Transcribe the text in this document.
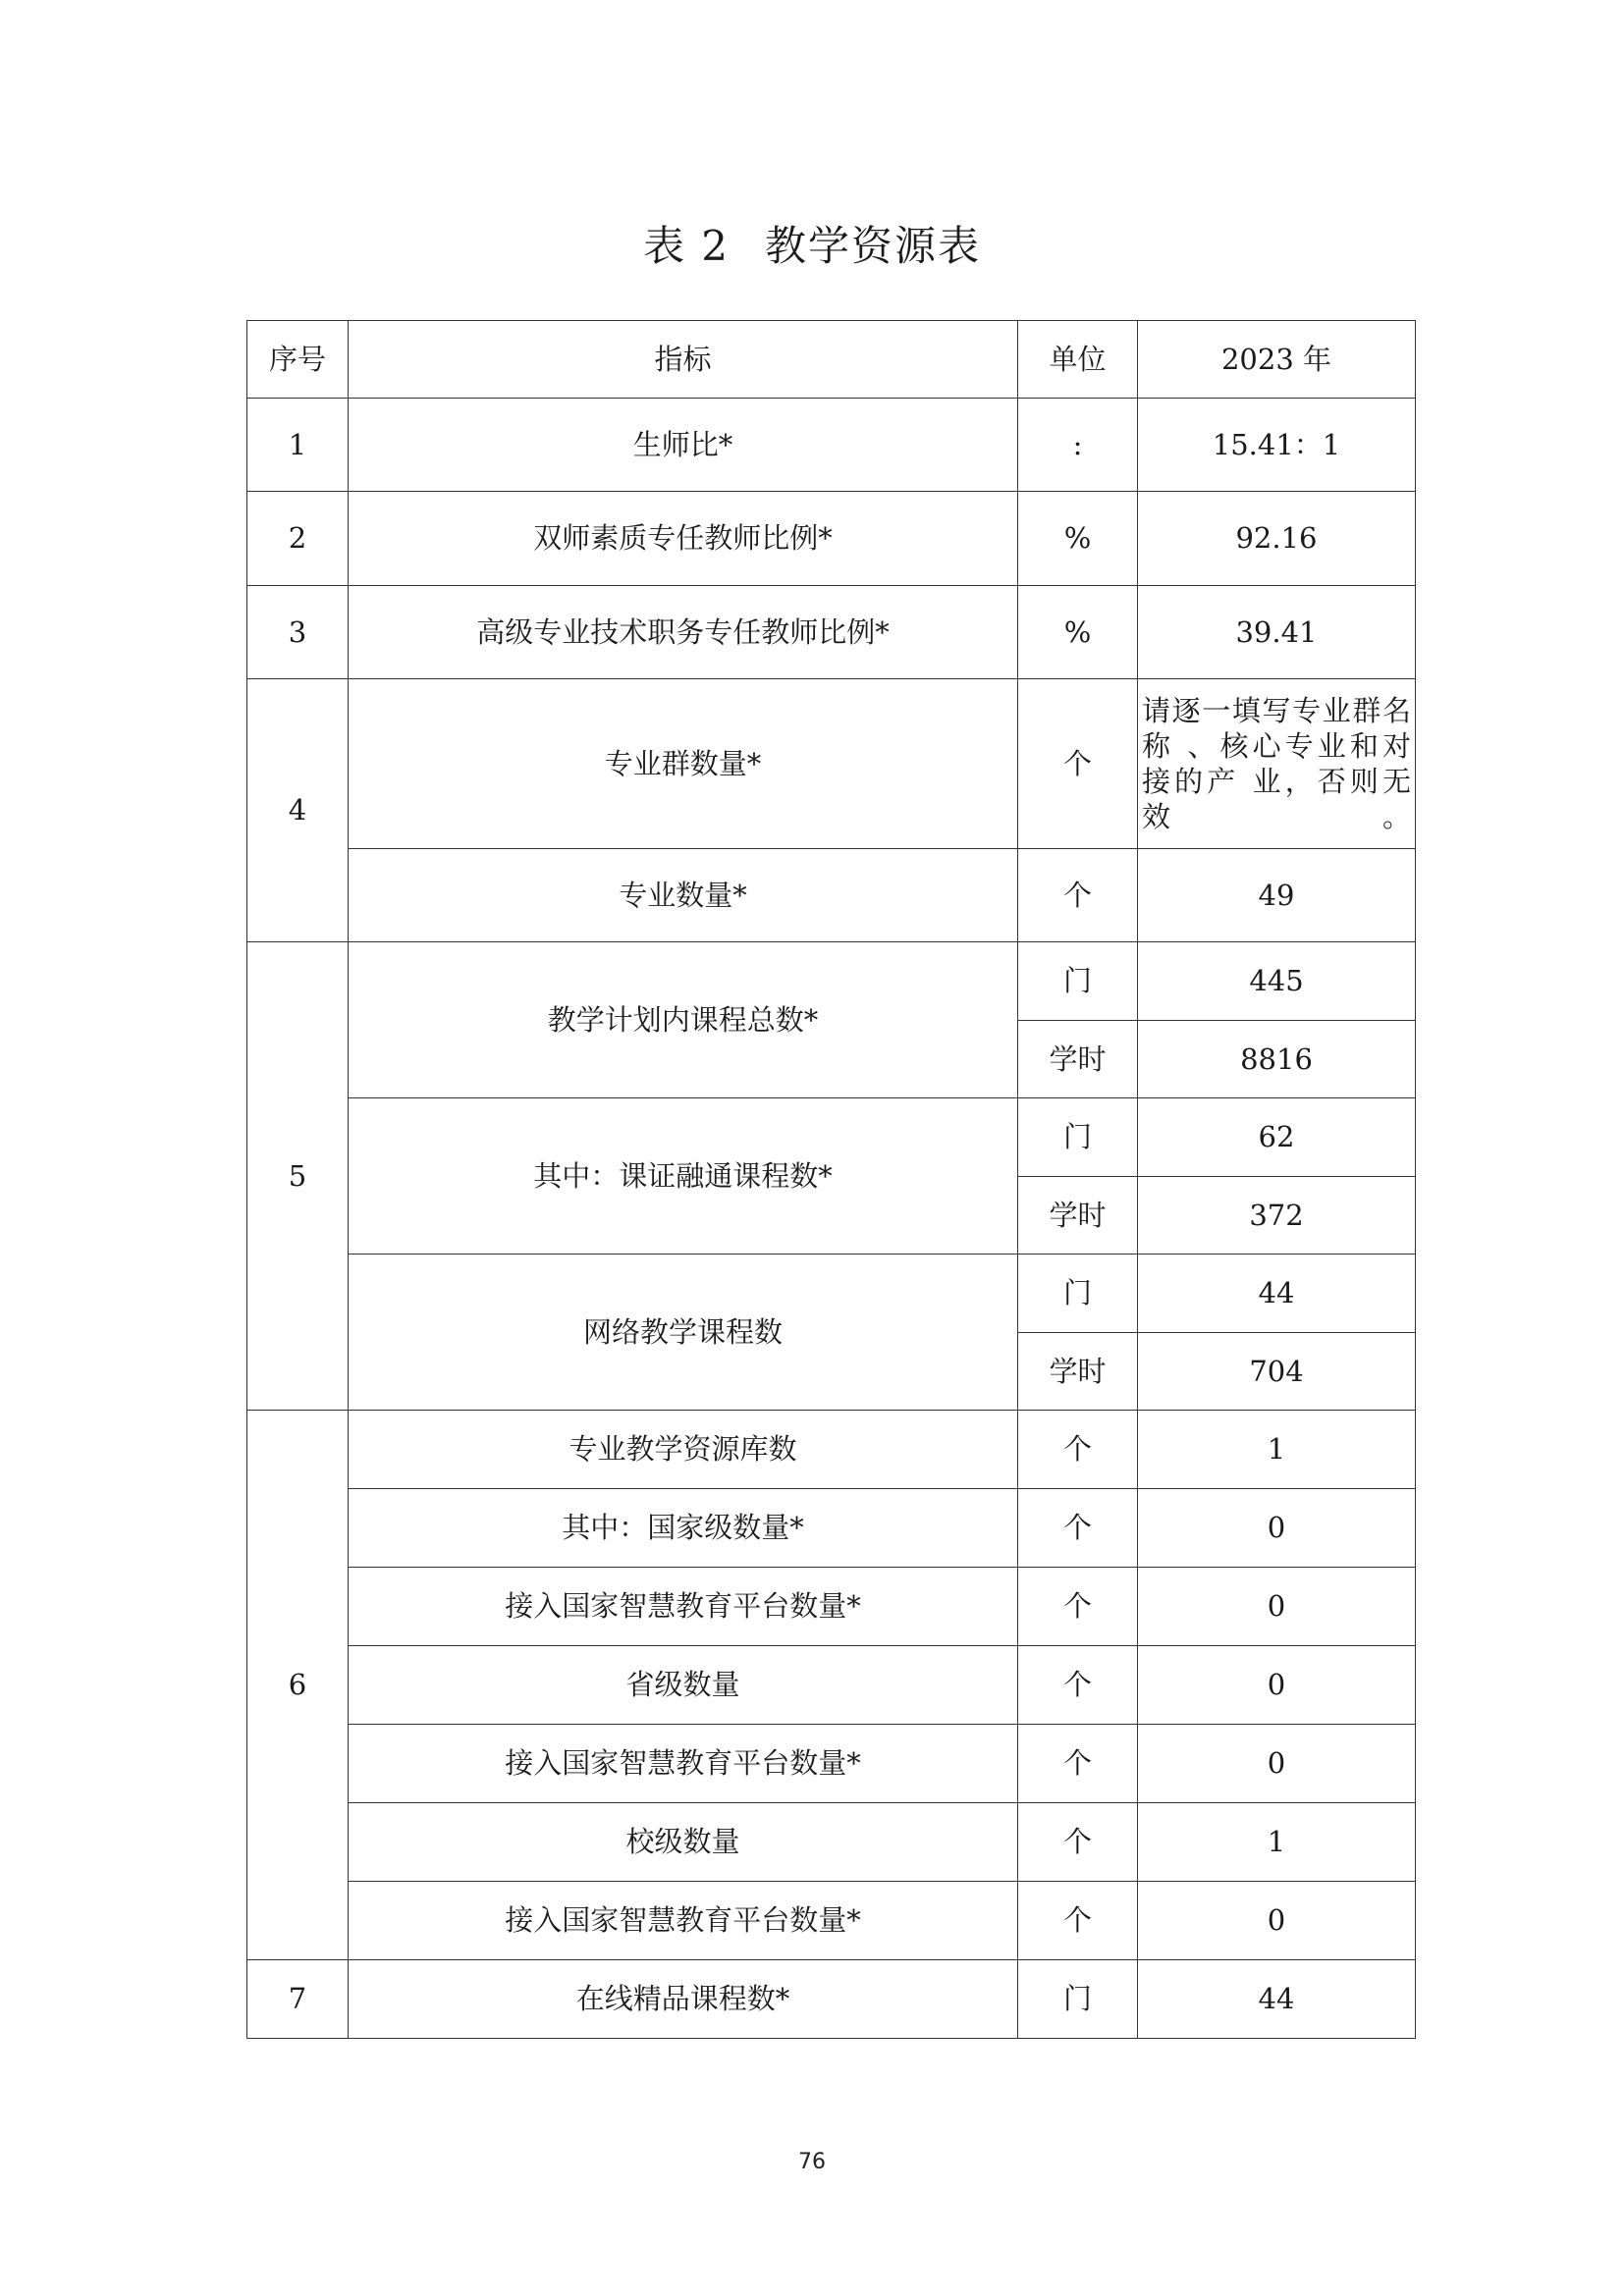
表 2 教学资源表
序号	指标	单位	2023 年
1	生师比*	:	15.41：1
2	双师素质专任教师比例*	%	92.16
3	高级专业技术职务专任教师比例*	%	39.41
4	专业群数量*	个	请逐一填写专业群名称 、核心专业和对 接的产 业，否则无效。

	专业数量*	个	49
5	教学计划内课程总数*	门	445
		学时	8816
	其中：课证融通课程数*	门	62
		学时	372
	网络教学课程数	门	44
		学时	704
6	专业教学资源库数	个	1
	其中：国家级数量*	个	0
	接入国家智慧教育平台数量*	个	0
	省级数量	个	0
	接入国家智慧教育平台数量*	个	0
	校级数量	个	1
	接入国家智慧教育平台数量*	个	0
7	在线精品课程数*	门	44
76
